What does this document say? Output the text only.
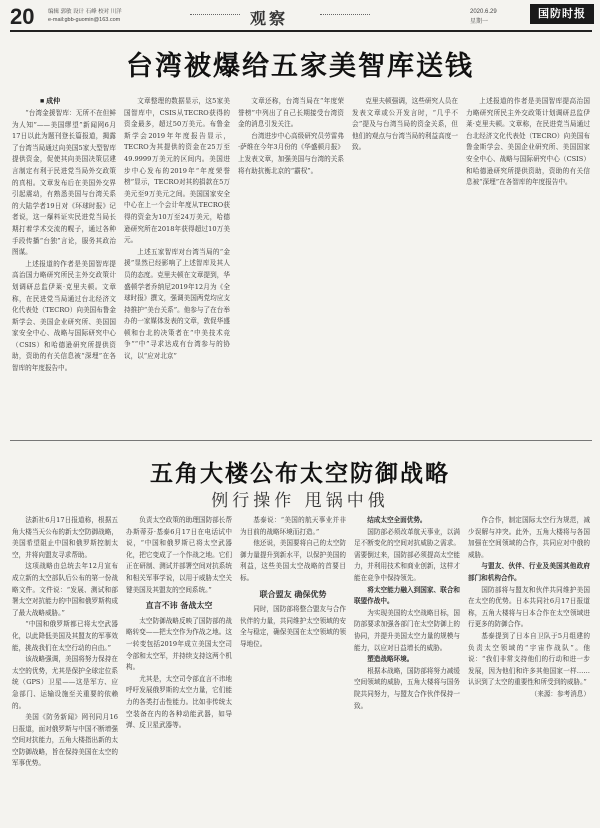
20 编辑 郭敏 设计 石峰 校对 川洋
e-mail:gbb-guomin@163.com	观察	2020.6.29
星期一
国防时报
台湾被爆给五家美智库送钱
■ 成仲

“台湾金援智库：无所不在但鲜为人知”——美国缪望”新闻网6月17日以此为题刊登长篇报道，揭露了台湾当局通过向美国5家大型智库提供资金，促使其向美国决策层建言制定有利于民进党当局外交政策的真相。文章发布后在美国外交界引起震动，有熟悉美国与台湾关系的大陆学者19日对《环球时报》记者说，这一爆料证实民进党当局长期打着学术交流的幌子，通过各种手段传播“台独”言论，服务其政治图谋。

上述报道的作者是美国智库提高治国力略研究所民主外交政策计划调研总监伊莱·克里夫顿。文章称，在民进党当局通过台北经济文化代表处（TECRO）向美国布鲁金斯学会、美国企业研究所、美国国家安全中心、战略与国际研究中心（CSIS）和哈德逊研究所提供资助，资助的有关信息被“深埋”在各智库的年度报告中。

文章整理的数据显示，这5家美国智库中，CSIS从TECRO获得的资金最多，超过50万美元。布鲁金斯学会2019年年度报告显示，TECRO为其提供的资金在25万至49.9999万美元的区间内。美国进步中心发布的2019年“年度荣誉榜”显示，TECRO对其的捐款在5万美元至9万美元之间。美国国家安全中心在上一个会计年度从TECRO获得的资金为10万至24万美元，哈德逊研究所在2018年获得超过10万美元。

上述五家智库对台湾当局的“金援”显然已经影响了上述智库及其人员的态度。克里夫顿在文章提到，华盛顿学者乔纳尼2019年12月为《全球时报》撰文，强调美国两党均应支持推护“美台关系”。他参与了在台举办的一家媒体发表的文章，敦促华盛顿和台北的决策者在“中美技术竞争”“中”寻求达成有台湾参与的协议，以“应对北京”

文章还称，台湾当局在“年度荣誉榜”中列出了自己长期接受台湾资金的消息引发关注。

台湾进步中心高级研究员劳雷弗·萨维在今年3月份的《华盛顿月报》上发表文章，加强美国与台湾的关系将有助抗衡北京的“霸权”。

克里夫顿强调，这些研究人员在发表文章或公开发言时，“几乎不会”提及与台湾当局的资金关系，但他们的观点与台湾当局的利益高度一致。

上述报道的作者是美国智库提高治国力略研究所民主外交政策计划调研总监伊莱·克里夫顿。文章称，在民进党当局通过台北经济文化代表处（TECRO）向美国布鲁金斯学会、美国企业研究所、美国国家安全中心、战略与国际研究中心（CSIS）和哈德逊研究所提供资助，资助的有关信息被“深埋”在各智库的年度报告中。

五角大楼公布太空防御战略
例行操作 甩锅中俄

法新社6月17日报道称，根据五角大楼当天公布的新太空防御战略，美国希望阻止中国和俄罗斯控制太空，并将向盟友寻求帮助。

这项战略由总统去年12月宣布成立新的太空部队后公布的第一份战略文件。文件说：“发展、测试和部署太空对抗能力的中国和俄罗斯构成了最大战略威胁。”

“中国和俄罗斯都已将太空武器化，以此降低美国及其盟友的军事效能，挑战我们在太空行动的自由。”

该战略强调，美国将努力保持在太空的优势，尤其是保护全球定位系统（GPS）卫星——这是军方、应急部门、运输设施至关重要的依赖的。

美国《防务新闻》网刊同月16日报道，面对俄罗斯与中国不断增强空间对抗能力，五角大楼指出新的太空防御战略，旨在保持美国在太空的军事优势。

负责太空政策的助理国防部长帮办斯蒂芬·基泰6月17日在电话试中说，“中国和俄罗斯已将太空武器化，把它变成了一个作战之地。它们正在研制、测试并部署空间对抗系统和相关军事学说，以用于威胁太空关键美国及其盟友的空间系统。”

直言不讳 备战太空

太空防御战略反映了国防部的战略转变——把太空作为作战之地。这一转变包括2019年成立美国太空司令部和太空军，并持续支持这两个机构。

尤其是，太空司令部直言不讳地呼吁发展俄罗斯的太空力量，它们能力的各类打击性能力。比如非传统太空装备在内的各种动能武器，如导弹、反卫星武器等。

基泰说：“美国的航天事业并非为目前的战略环境而打造。”

他还说，美国要将自己的太空防御力量提升到新水平，以保护美国的利益，这些美国太空战略的首要目标。

联合盟友 确保优势

同时，国防部将整合盟友与合作伙伴的力量，共同维护太空领域的安全与稳定，确保美国在太空领域的领导地位。

结成太空全面优势。

国防部必须改革航天事业，以满足不断变化的空间对抗威胁之需求。需要倒过来，国防部必须提高太空能力，并利用技术和商业创新，这样才能在竞争中保持领先。

将太空能力融入到国家、联合和联盟作战中。

为实现美国的太空战略目标，国防部要求加强各部门在太空防御上的协同，并提升美国太空力量的规模与能力，以应对日益增长的威胁。

塑造战略环境。

根据本战略，国防部将努力减缓空间领域的威胁，五角大楼将与国务院共同努力，与盟友合作伙伴保持一致。

作合作，制定国际太空行为规范，减少误解与冲突。此外，五角大楼将与各国加强在空间领域的合作，共同应对中俄的威胁。

与盟友、伙伴、行业及美国其他政府部门和机构合作。

国防部将与盟友和伙伴共同维护美国在太空的优势。日本共同社6月17日报道称，五角大楼将与日本合作在太空领域进行更多的防御合作。

基泰提到了日本自卫队于5月组建的负责太空领域的“宇宙作战队”。他说：“我们非常支持他们的行动和进一步发展，因为他们和许多其他国家一样……认识到了太空的重要性和所受到的威胁。”

（来源：参考消息）
